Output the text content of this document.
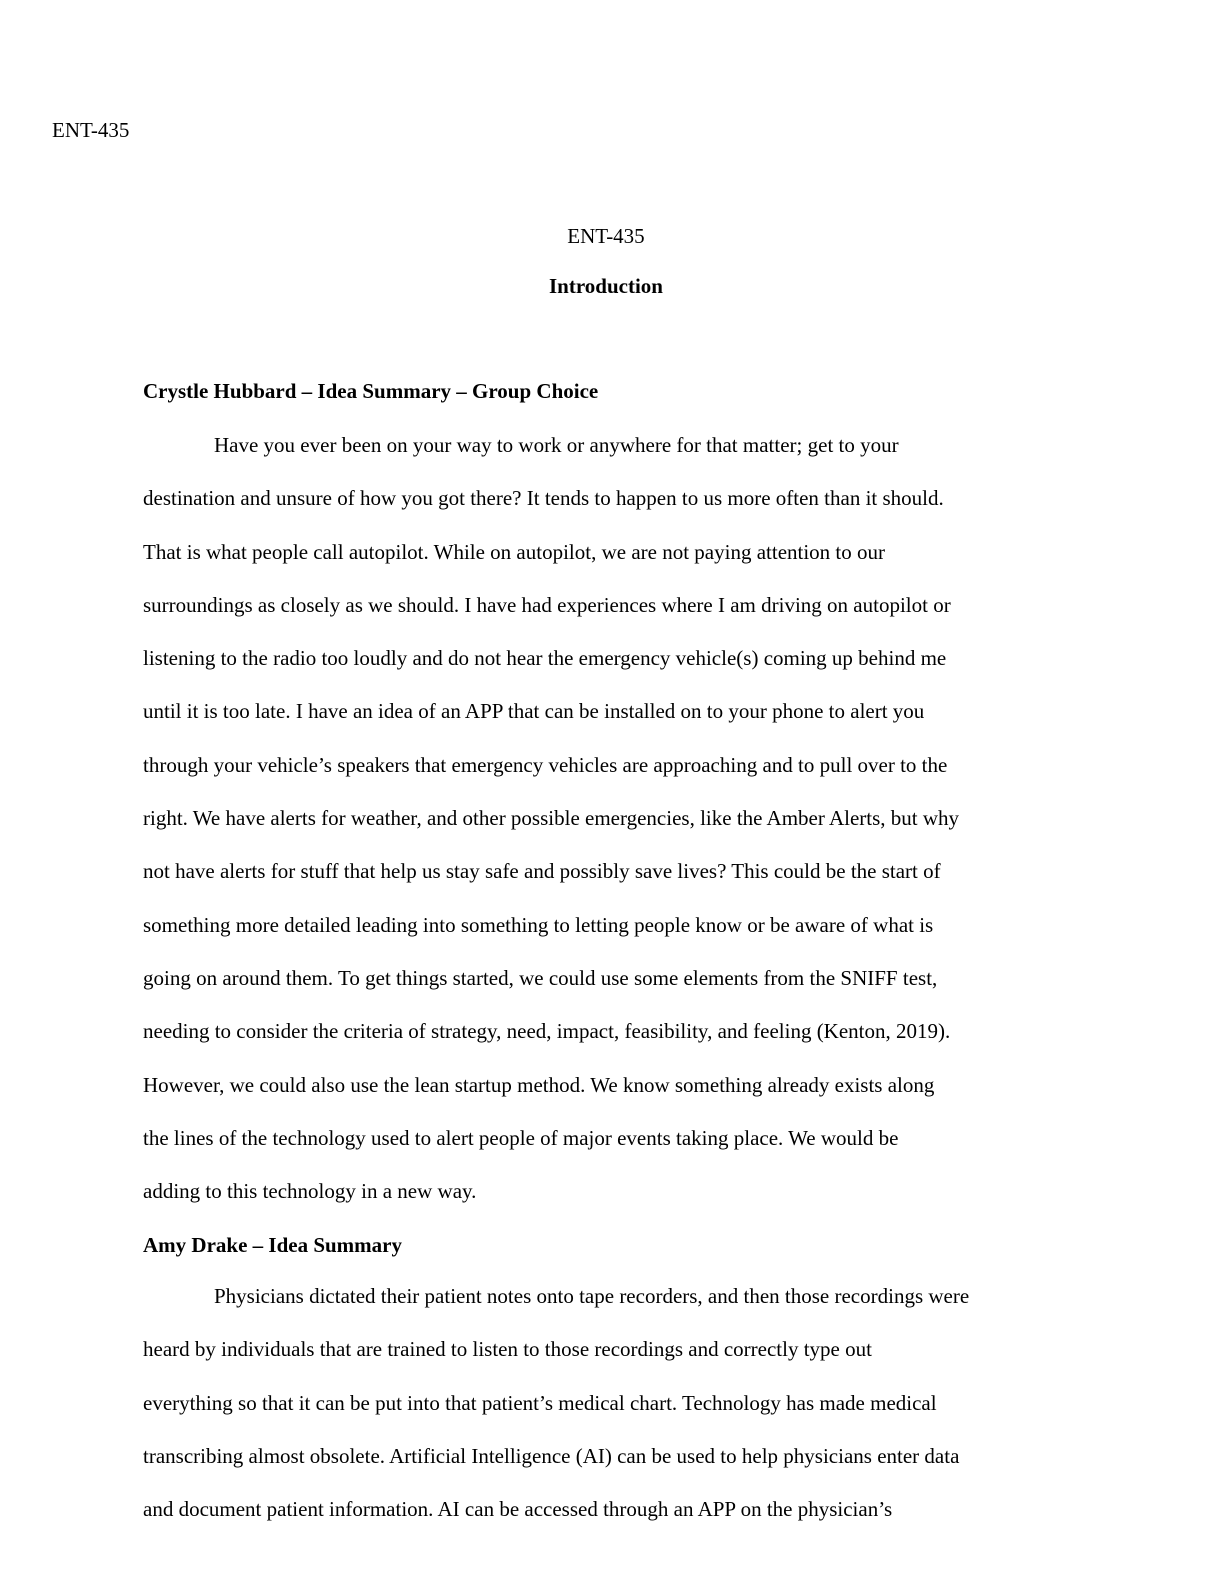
ENT-435

ENT-435

Introduction

Crystle Hubbard – Idea Summary – Group Choice

Have you ever been on your way to work or anywhere for that matter; get to your
destination and unsure of how you got there? It tends to happen to us more often than it should.
That is what people call autopilot. While on autopilot, we are not paying attention to our
surroundings as closely as we should. I have had experiences where I am driving on autopilot or
listening to the radio too loudly and do not hear the emergency vehicle(s) coming up behind me
until it is too late. I have an idea of an APP that can be installed on to your phone to alert you
through your vehicle’s speakers that emergency vehicles are approaching and to pull over to the
right. We have alerts for weather, and other possible emergencies, like the Amber Alerts, but why
not have alerts for stuff that help us stay safe and possibly save lives? This could be the start of
something more detailed leading into something to letting people know or be aware of what is
going on around them. To get things started, we could use some elements from the SNIFF test,
needing to consider the criteria of strategy, need, impact, feasibility, and feeling (Kenton, 2019).
However, we could also use the lean startup method. We know something already exists along
the lines of the technology used to alert people of major events taking place. We would be
adding to this technology in a new way.

Amy Drake – Idea Summary

Physicians dictated their patient notes onto tape recorders, and then those recordings were
heard by individuals that are trained to listen to those recordings and correctly type out
everything so that it can be put into that patient’s medical chart. Technology has made medical
transcribing almost obsolete. Artificial Intelligence (AI) can be used to help physicians enter data
and document patient information. AI can be accessed through an APP on the physician’s
